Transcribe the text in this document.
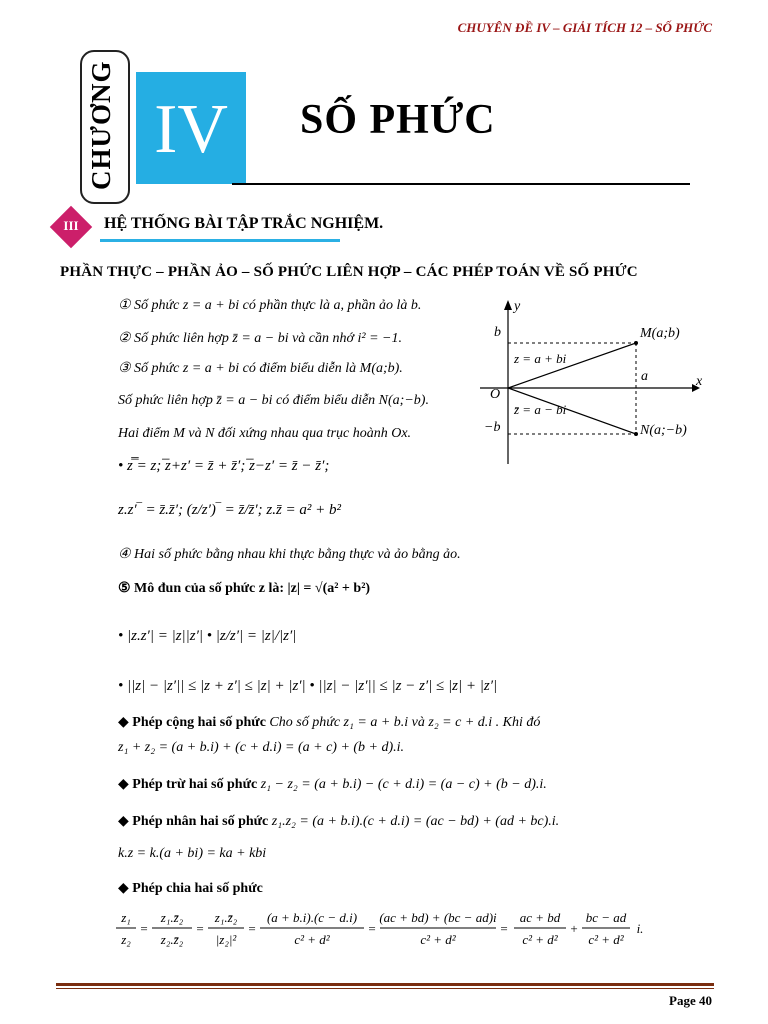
CHUYÊN ĐỀ IV – GIẢI TÍCH 12 – SỐ PHỨC
CHƯƠNG IV	SỐ PHỨC
III	HỆ THỐNG BÀI TẬP TRẮC NGHIỆM.
PHẦN THỰC – PHẦN ẢO – SỐ PHỨC LIÊN HỢP – CÁC PHÉP TOÁN VỀ SỐ PHỨC
① Số phức z = a + bi có phần thực là a, phần ảo là b.
② Số phức liên hợp z̄ = a − bi và cần nhớ i² = −1.
③ Số phức z = a + bi có điểm biểu diễn là M(a;b).
Số phức liên hợp z̄ = a − bi có điểm biểu diễn N(a;−b).
Hai điểm M và N đối xứng nhau qua trục hoành Ox.
y
x
O
b
−b
M(a;b)
N(a;−b)
a
z = a + bi
z̄ = a − bi
• z̿ = z; ̅z+z′ = z̄ + z̄′; ̅z−z′ = z̄ − z̄′;
z.z′‾ = z̄.z̄′; (z/z′)‾ = z̄/z̄′; z.z̄ = a² + b²
④ Hai số phức bằng nhau khi thực bằng thực và ảo bằng ảo.
⑤ Mô đun của số phức z là: |z| = √(a² + b²)
• |z.z′| = |z||z′| • |z/z′| = |z|/|z′|
• ||z| − |z′|| ≤ |z + z′| ≤ |z| + |z′| • ||z| − |z′|| ≤ |z − z′| ≤ |z| + |z′|
◆ Phép cộng hai số phức Cho số phức z₁ = a + b.i và z₂ = c + d.i . Khi đó
z₁ + z₂ = (a + b.i) + (c + d.i) = (a + c) + (b + d).i.
◆ Phép trừ hai số phức z₁ − z₂ = (a + b.i) − (c + d.i) = (a − c) + (b − d).i.
◆ Phép nhân hai số phức z₁.z₂ = (a + b.i).(c + d.i) = (ac − bd) + (ad + bc).i.
k.z = k.(a + bi) = ka + kbi
◆ Phép chia hai số phức
z₁
z₂
=
z₁.z̄₂
z₂.z̄₂
=
z₁.z̄₂
|z₂|²
=
(a + b.i).(c − d.i)
c² + d²
=
(ac + bd) + (bc − ad)i
c² + d²
=
ac + bd
c² + d²
+
bc − ad
c² + d²
i.
Page 40
